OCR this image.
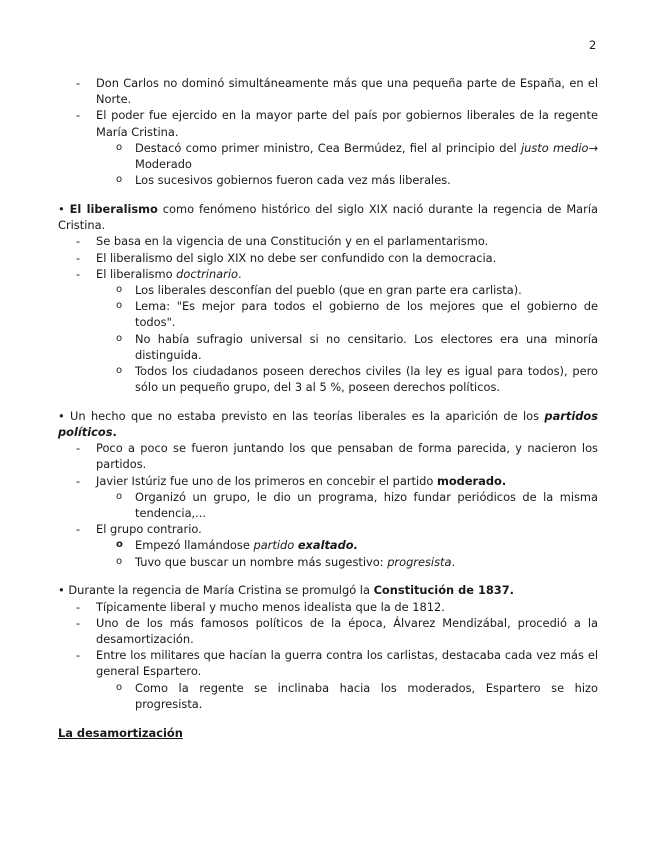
2
- Don Carlos no dominó simultáneamente más que una pequeña parte de España, en el Norte.
- El poder fue ejercido en la mayor parte del país por gobiernos liberales de la regente María Cristina.
o Destacó como primer ministro, Cea Bermúdez, fiel al principio del justo medio→ Moderado
o Los sucesivos gobiernos fueron cada vez más liberales.
• El liberalismo como fenómeno histórico del siglo XIX nació durante la regencia de María Cristina.
- Se basa en la vigencia de una Constitución y en el parlamentarismo.
- El liberalismo del siglo XIX no debe ser confundido con la democracia.
- El liberalismo doctrinario.
o Los liberales desconfían del pueblo (que en gran parte era carlista).
o Lema: "Es mejor para todos el gobierno de los mejores que el gobierno de todos".
o No había sufragio universal si no censitario. Los electores era una minoría distinguida.
o Todos los ciudadanos poseen derechos civiles (la ley es igual para todos), pero sólo un pequeño grupo, del 3 al 5 %, poseen derechos políticos.
• Un hecho que no estaba previsto en las teorías liberales es la aparición de los partidos políticos.
- Poco a poco se fueron juntando los que pensaban de forma parecida, y nacieron los partidos.
- Javier Istúriz fue uno de los primeros en concebir el partido moderado.
o Organizó un grupo, le dio un programa, hizo fundar periódicos de la misma tendencia,...
- El grupo contrario.
o Empezó llamándose partido exaltado.
o Tuvo que buscar un nombre más sugestivo: progresista.
• Durante la regencia de María Cristina se promulgó la Constitución de 1837.
- Típicamente liberal y mucho menos idealista que la de 1812.
- Uno de los más famosos políticos de la época, Álvarez Mendizábal, procedió a la desamortización.
- Entre los militares que hacían la guerra contra los carlistas, destacaba cada vez más el general Espartero.
o Como la regente se inclinaba hacia los moderados, Espartero se hizo progresista.
La desamortización
